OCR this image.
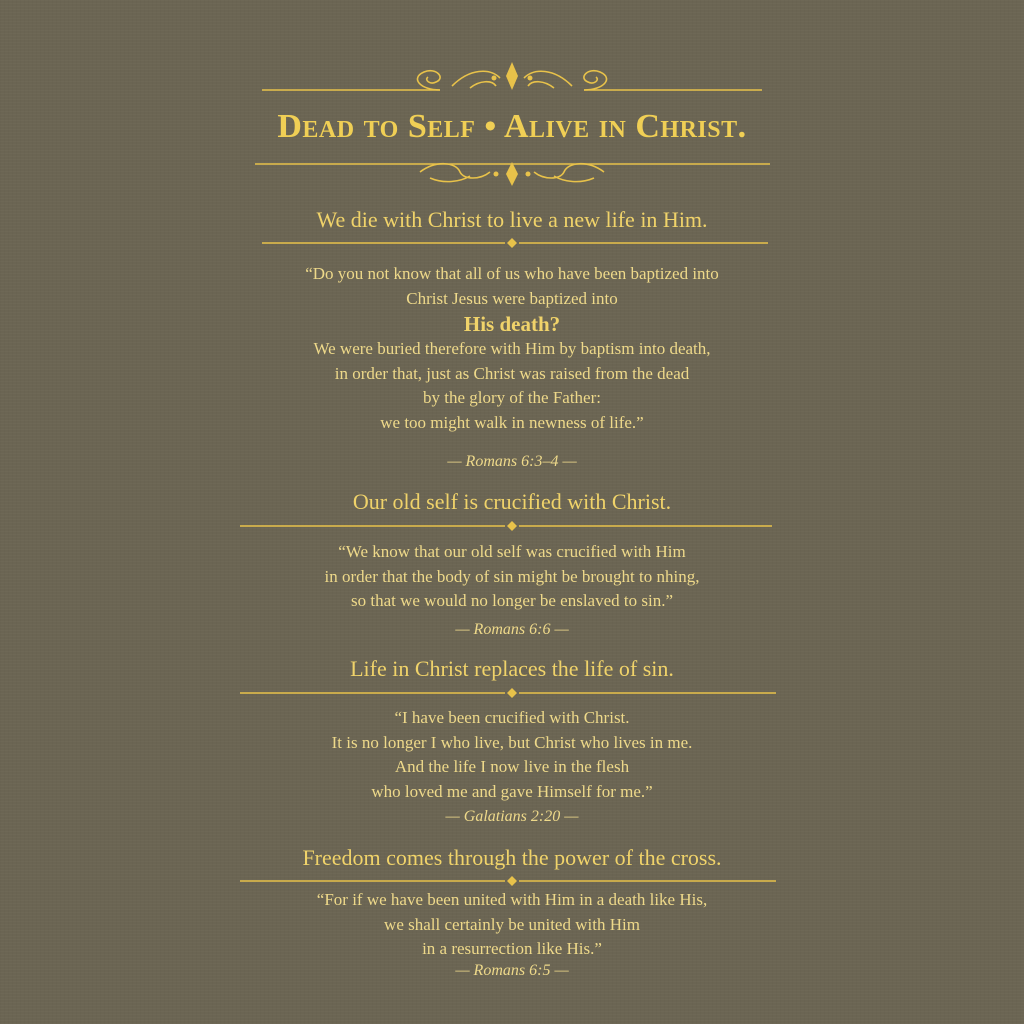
Dead to Self • Alive in Christ.
We die with Christ to live a new life in Him.
“Do you not know that all of us who have been baptized into
Christ Jesus were baptized into
His death?
We were buried therefore with Him by baptism into death,
in order that, just as Christ was raised from the dead
by the glory of the Father:
we too might walk in newness of life.”
— Romans 6:3–4 —
Our old self is crucified with Christ.
“We know that our old self was crucified with Him
in order that the body of sin might be brought to nhing,
so that we would no longer be enslaved to sin.”
— Romans 6:6 —
Life in Christ replaces the life of sin.
“I have been crucified with Christ.
It is no longer I who live, but Christ who lives in me.
And the life I now live in the flesh
who loved me and gave Himself for me.”
— Galatians 2:20 —
Freedom comes through the power of the cross.
“For if we have been united with Him in a death like His,
we shall certainly be united with Him
in a resurrection like His.”
— Romans 6:5 —
